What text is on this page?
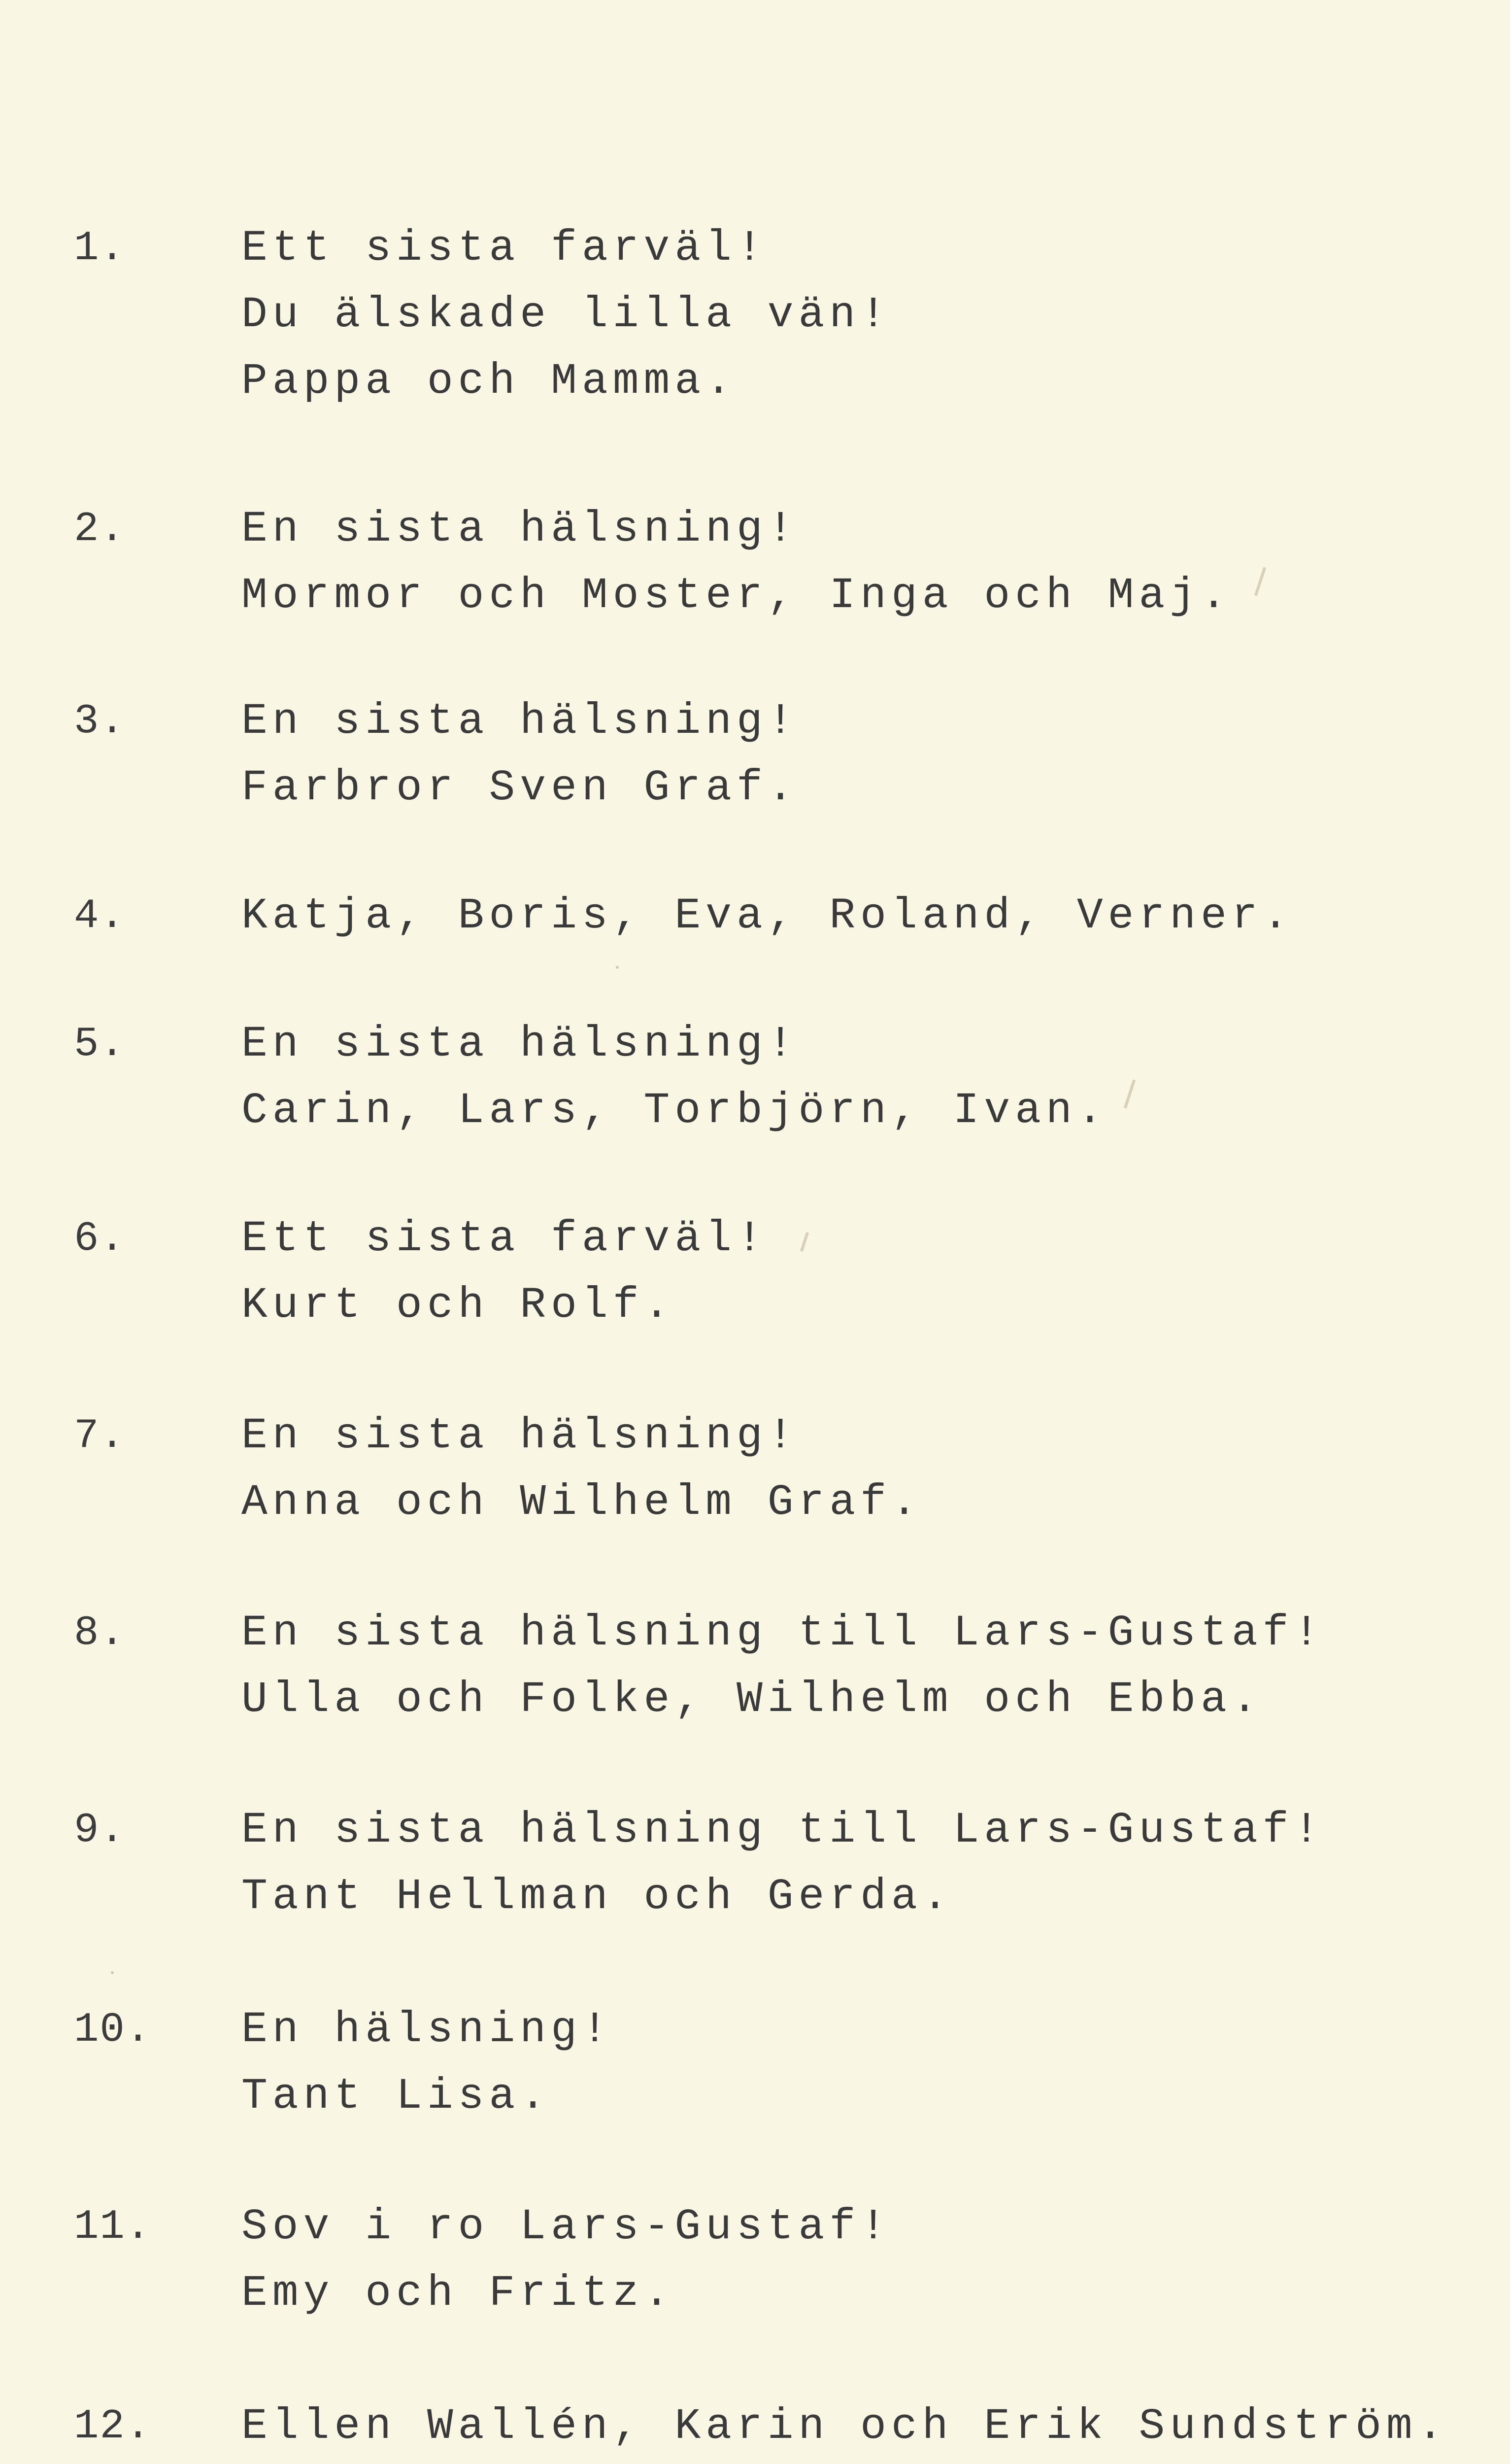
1.	Ett sista farväl!
Du älskade lilla vän!
Pappa och Mamma.
2.	En sista hälsning!
Mormor och Moster, Inga och Maj.
3.	En sista hälsning!
Farbror Sven Graf.
4.	Katja, Boris, Eva, Roland, Verner.
5.	En sista hälsning!
Carin, Lars, Torbjörn, Ivan.
6.	Ett sista farväl!
Kurt och Rolf.
7.	En sista hälsning!
Anna och Wilhelm Graf.
8.	En sista hälsning till Lars-Gustaf!
Ulla och Folke, Wilhelm och Ebba.
9.	En sista hälsning till Lars-Gustaf!
Tant Hellman och Gerda.
10.	En hälsning!
Tant Lisa.
11.	Sov i ro Lars-Gustaf!
Emy och Fritz.
12.	Ellen Wallén, Karin och Erik Sundström.
